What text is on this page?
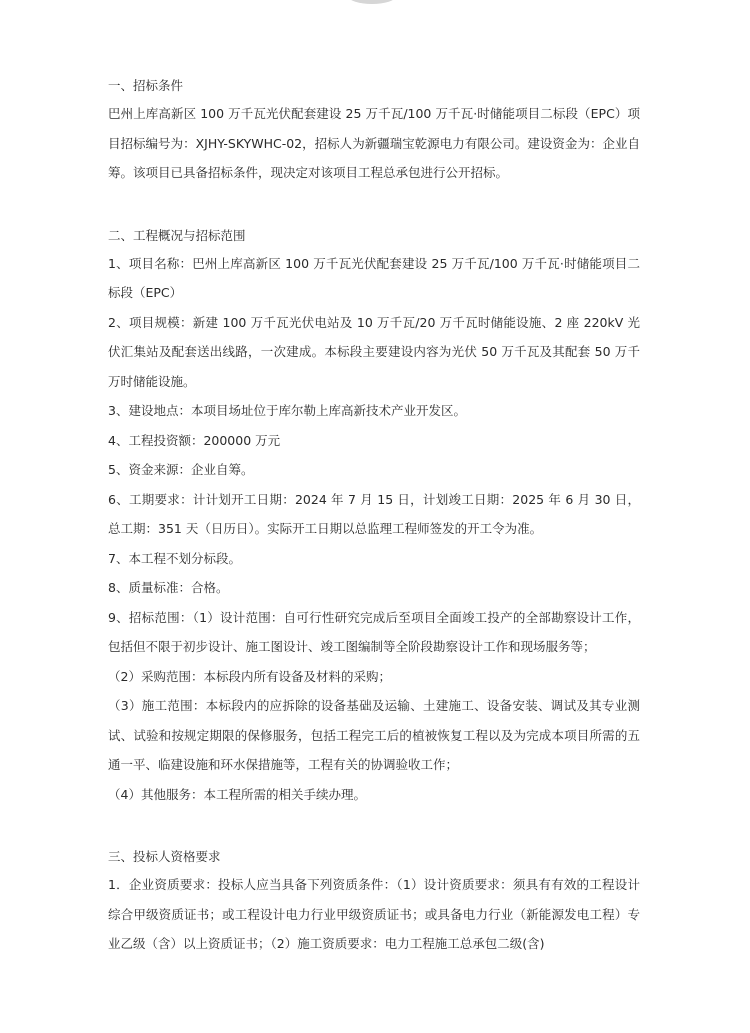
一、招标条件

巴州上库高新区 100 万千瓦光伏配套建设 25 万千瓦/100 万千瓦·时储能项目二标段（EPC）项目招标编号为：XJHY-SKYWHC-02，招标人为新疆瑞宝乾源电力有限公司。建设资金为：企业自筹。该项目已具备招标条件，现决定对该项目工程总承包进行公开招标。

二、工程概况与招标范围

1、项目名称：巴州上库高新区 100 万千瓦光伏配套建设 25 万千瓦/100 万千瓦·时储能项目二标段（EPC）

2、项目规模：新建 100 万千瓦光伏电站及 10 万千瓦/20 万千瓦时储能设施、2 座 220kV 光伏汇集站及配套送出线路，一次建成。本标段主要建设内容为光伏 50 万千瓦及其配套 50 万千万时储能设施。

3、建设地点：本项目场址位于库尔勒上库高新技术产业开发区。

4、工程投资额：200000 万元

5、资金来源：企业自筹。

6、工期要求：计计划开工日期：2024 年 7 月 15 日，计划竣工日期：2025 年 6 月 30 日，总工期：351 天（日历日）。实际开工日期以总监理工程师签发的开工令为准。

7、本工程不划分标段。

8、质量标准：合格。

9、招标范围：（1）设计范围：自可行性研究完成后至项目全面竣工投产的全部勘察设计工作，包括但不限于初步设计、施工图设计、竣工图编制等全阶段勘察设计工作和现场服务等；

（2）采购范围：本标段内所有设备及材料的采购；

（3）施工范围：本标段内的应拆除的设备基础及运输、土建施工、设备安装、调试及其专业测试、试验和按规定期限的保修服务，包括工程完工后的植被恢复工程以及为完成本项目所需的五通一平、临建设施和环水保措施等，工程有关的协调验收工作；

（4）其他服务：本工程所需的相关手续办理。

三、投标人资格要求

1．企业资质要求：投标人应当具备下列资质条件：（1）设计资质要求：须具有有效的工程设计综合甲级资质证书；或工程设计电力行业甲级资质证书；或具备电力行业（新能源发电工程）专业乙级（含）以上资质证书；（2）施工资质要求：电力工程施工总承包二级(含)
